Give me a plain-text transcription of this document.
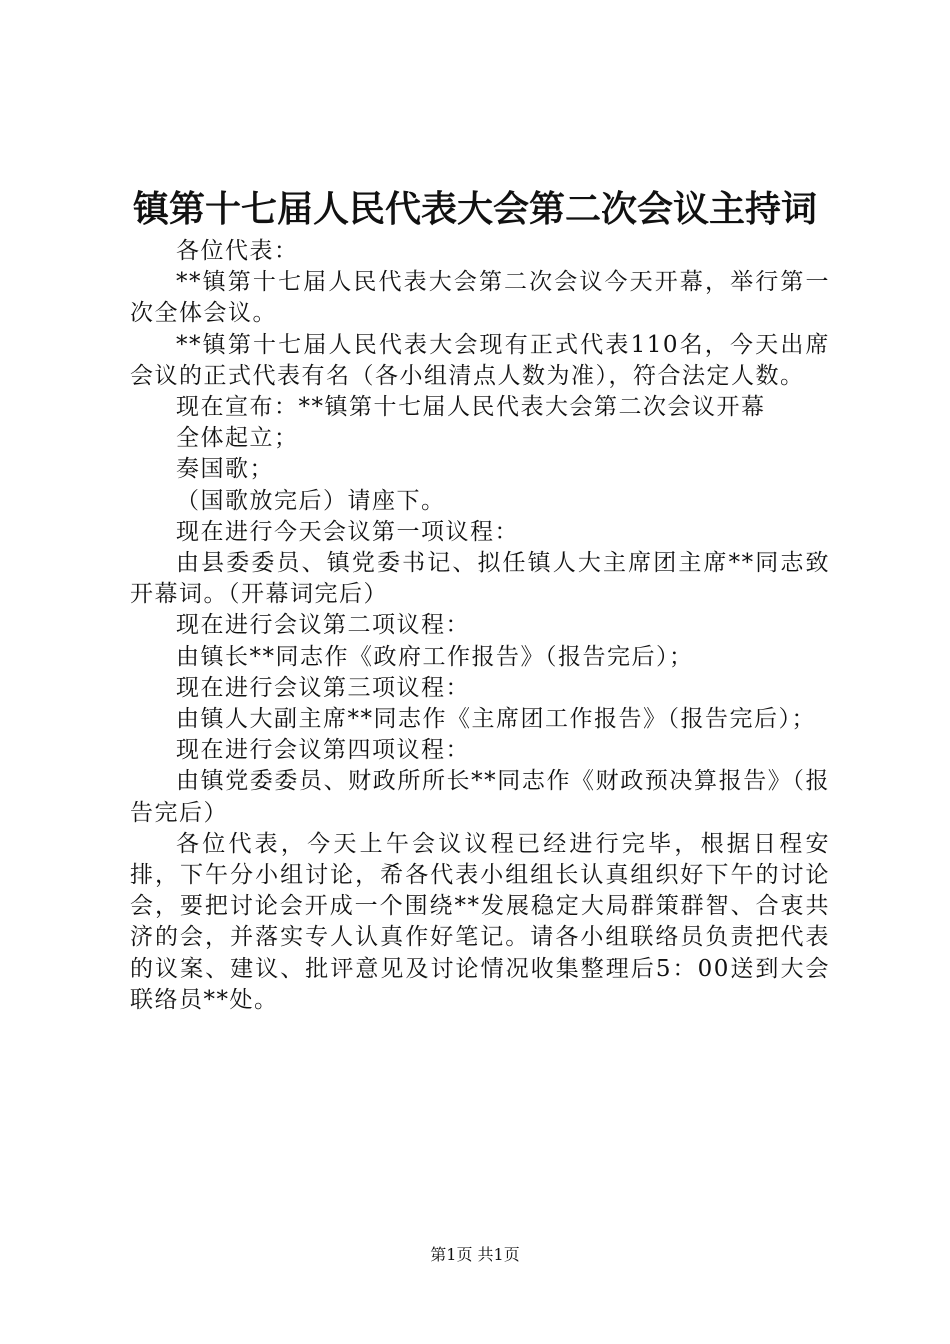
镇第十七届人民代表大会第二次会议主持词

各位代表：

**镇第十七届人民代表大会第二次会议今天开幕，举行第一次全体会议。

**镇第十七届人民代表大会现有正式代表110名，今天出席会议的正式代表有名（各小组清点人数为准），符合法定人数。

现在宣布：**镇第十七届人民代表大会第二次会议开幕

全体起立；

奏国歌；

（国歌放完后）请座下。

现在进行今天会议第一项议程：

由县委委员、镇党委书记、拟任镇人大主席团主席**同志致开幕词。（开幕词完后）

现在进行会议第二项议程：

由镇长**同志作《政府工作报告》（报告完后）；

现在进行会议第三项议程：

由镇人大副主席**同志作《主席团工作报告》（报告完后）；

现在进行会议第四项议程：

由镇党委委员、财政所所长**同志作《财政预决算报告》（报告完后）

各位代表，今天上午会议议程已经进行完毕，根据日程安排，下午分小组讨论，希各代表小组组长认真组织好下午的讨论会，要把讨论会开成一个围绕**发展稳定大局群策群智、合衷共济的会，并落实专人认真作好笔记。请各小组联络员负责把代表的议案、建议、批评意见及讨论情况收集整理后5：00送到大会联络员**处。

第1页 共1页
